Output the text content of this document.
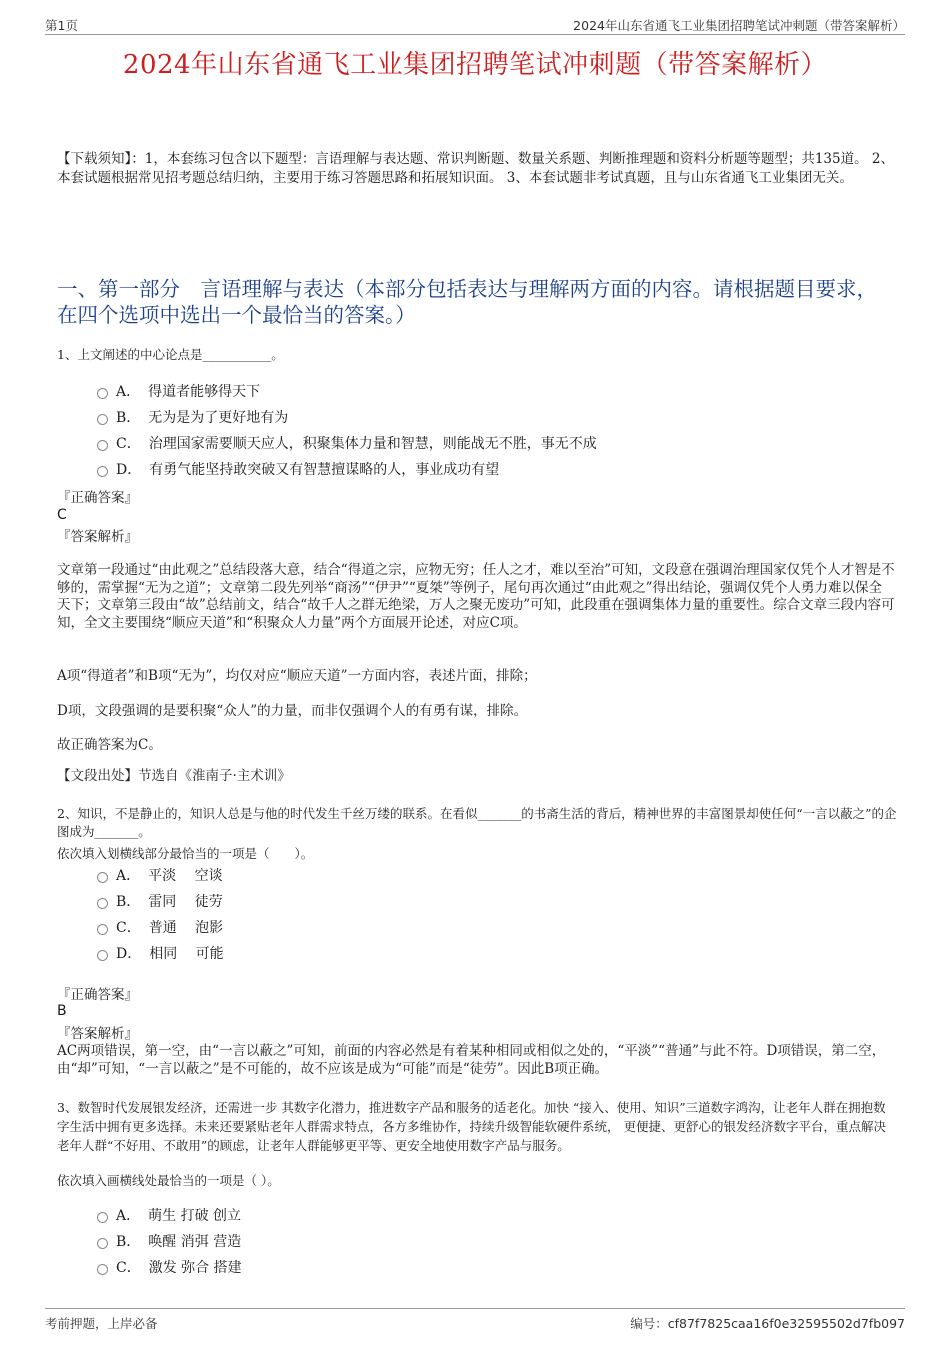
第1页	2024年山东省通飞工业集团招聘笔试冲刺题（带答案解析）
2024年山东省通飞工业集团招聘笔试冲刺题（带答案解析）
【下载须知】：1，本套练习包含以下题型：言语理解与表达题、常识判断题、数量关系题、判断推理题和资料分析题等题型；共135道。 2、本套试题根据常见招考题总结归纳，主要用于练习答题思路和拓展知识面。 3、本套试题非考试真题，且与山东省通飞工业集团无关。
一、第一部分　言语理解与表达（本部分包括表达与理解两方面的内容。请根据题目要求，在四个选项中选出一个最恰当的答案。）
1、上文阐述的中心论点是___________。
A． 得道者能够得天下
B． 无为是为了更好地有为
C． 治理国家需要顺天应人，积聚集体力量和智慧，则能战无不胜，事无不成
D． 有勇气能坚持敢突破又有智慧擅谋略的人，事业成功有望
『正确答案』
C
『答案解析』
文章第一段通过“由此观之”总结段落大意，结合“得道之宗，应物无穷；任人之才，难以至治”可知，文段意在强调治理国家仅凭个人才智是不够的，需掌握“无为之道”；文章第二段先列举“商汤”“伊尹”“夏桀”等例子，尾句再次通过“由此观之”得出结论，强调仅凭个人勇力难以保全天下；文章第三段由“故”总结前文，结合“故千人之群无绝梁，万人之聚无废功”可知，此段重在强调集体力量的重要性。综合文章三段内容可知，全文主要围绕“顺应天道”和“积聚众人力量”两个方面展开论述，对应C项。
A项“得道者”和B项“无为”，均仅对应“顺应天道”一方面内容，表述片面，排除；
D项，文段强调的是要积聚“众人”的力量，而非仅强调个人的有勇有谋，排除。
故正确答案为C。
【文段出处】节选自《淮南子·主术训》
2、知识，不是静止的，知识人总是与他的时代发生千丝万缕的联系。在看似_______的书斋生活的背后，精神世界的丰富图景却使任何“一言以蔽之”的企图成为_______。
依次填入划横线部分最恰当的一项是（　　）。
A． 平淡　 空谈
B． 雷同　 徒劳
C． 普通　 泡影
D． 相同　 可能
『正确答案』
B
『答案解析』
AC两项错误，第一空，由“一言以蔽之”可知，前面的内容必然是有着某种相同或相似之处的，“平淡”“普通”与此不符。D项错误，第二空，由“却”可知，“一言以蔽之”是不可能的，故不应该是成为“可能”而是“徒劳”。因此B项正确。
3、数智时代发展银发经济，还需进一步 其数字化潜力，推进数字产品和服务的适老化。加快 “接入、使用、知识”三道数字鸿沟，让老年人群在拥抱数字生活中拥有更多选择。未来还要紧贴老年人群需求特点，各方多维协作，持续升级智能软硬件系统， 更便捷、更舒心的银发经济数字平台，重点解决老年人群“不好用、不敢用”的顾虑，让老年人群能够更平等、更安全地使用数字产品与服务。
依次填入画横线处最恰当的一项是（ ）。
A． 萌生 打破 创立
B． 唤醒 消弭 营造
C． 激发 弥合 搭建
考前押题，上岸必备	编号：cf87f7825caa16f0e32595502d7fb097
